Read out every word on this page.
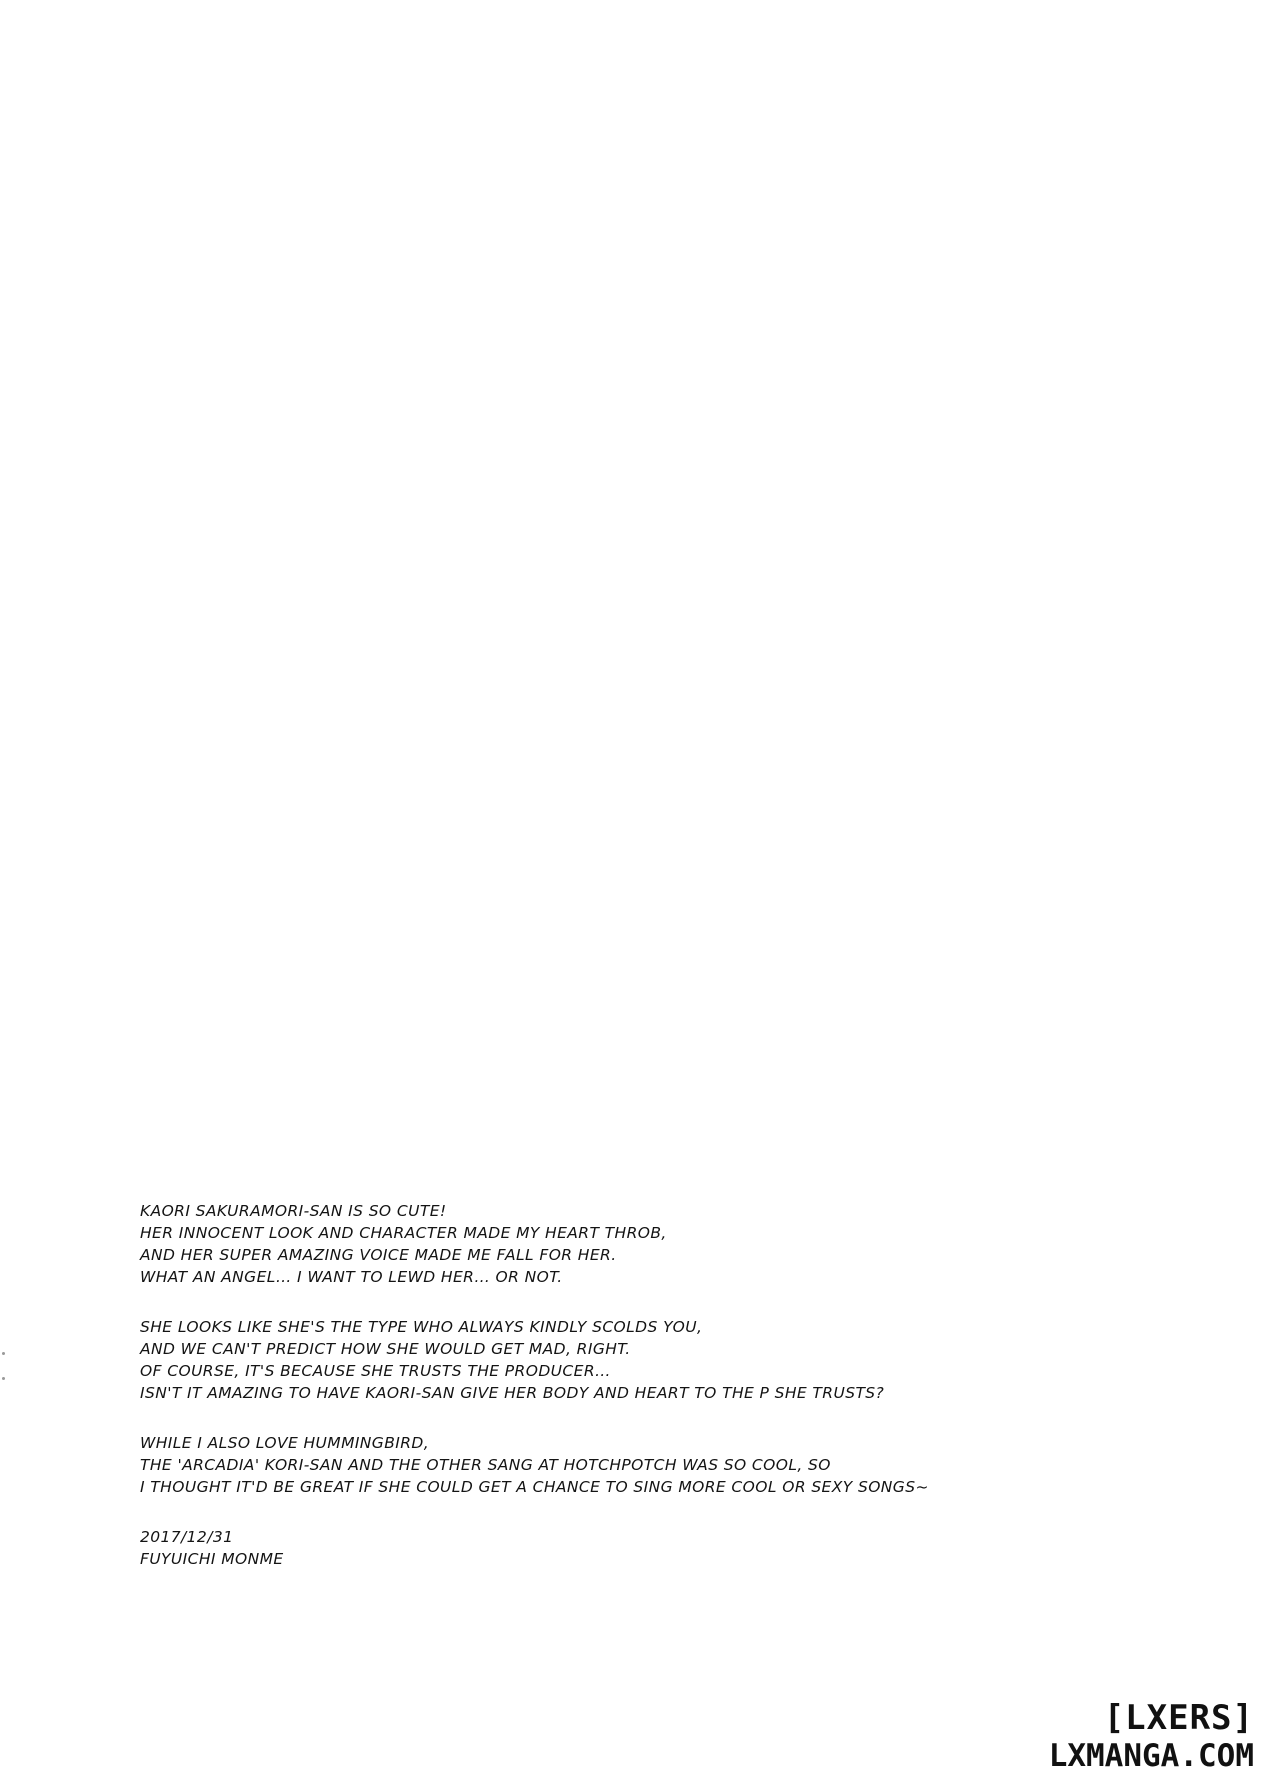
KAORI SAKURAMORI-SAN IS SO CUTE!
HER INNOCENT LOOK AND CHARACTER MADE MY HEART THROB,
AND HER SUPER AMAZING VOICE MADE ME FALL FOR HER.
WHAT AN ANGEL… I WANT TO LEWD HER… OR NOT.
SHE LOOKS LIKE SHE'S THE TYPE WHO ALWAYS KINDLY SCOLDS YOU,
AND WE CAN'T PREDICT HOW SHE WOULD GET MAD, RIGHT.
OF COURSE, IT'S BECAUSE SHE TRUSTS THE PRODUCER…
ISN'T IT AMAZING TO HAVE KAORI-SAN GIVE HER BODY AND HEART TO THE P SHE TRUSTS?
WHILE I ALSO LOVE HUMMINGBIRD,
THE 'ARCADIA' KORI-SAN AND THE OTHER SANG AT HOTCHPOTCH WAS SO COOL, SO
I THOUGHT IT'D BE GREAT IF SHE COULD GET A CHANCE TO SING MORE COOL OR SEXY SONGS~
2017/12/31
FUYUICHI MONME
[LXERS]
LXMANGA.COM
